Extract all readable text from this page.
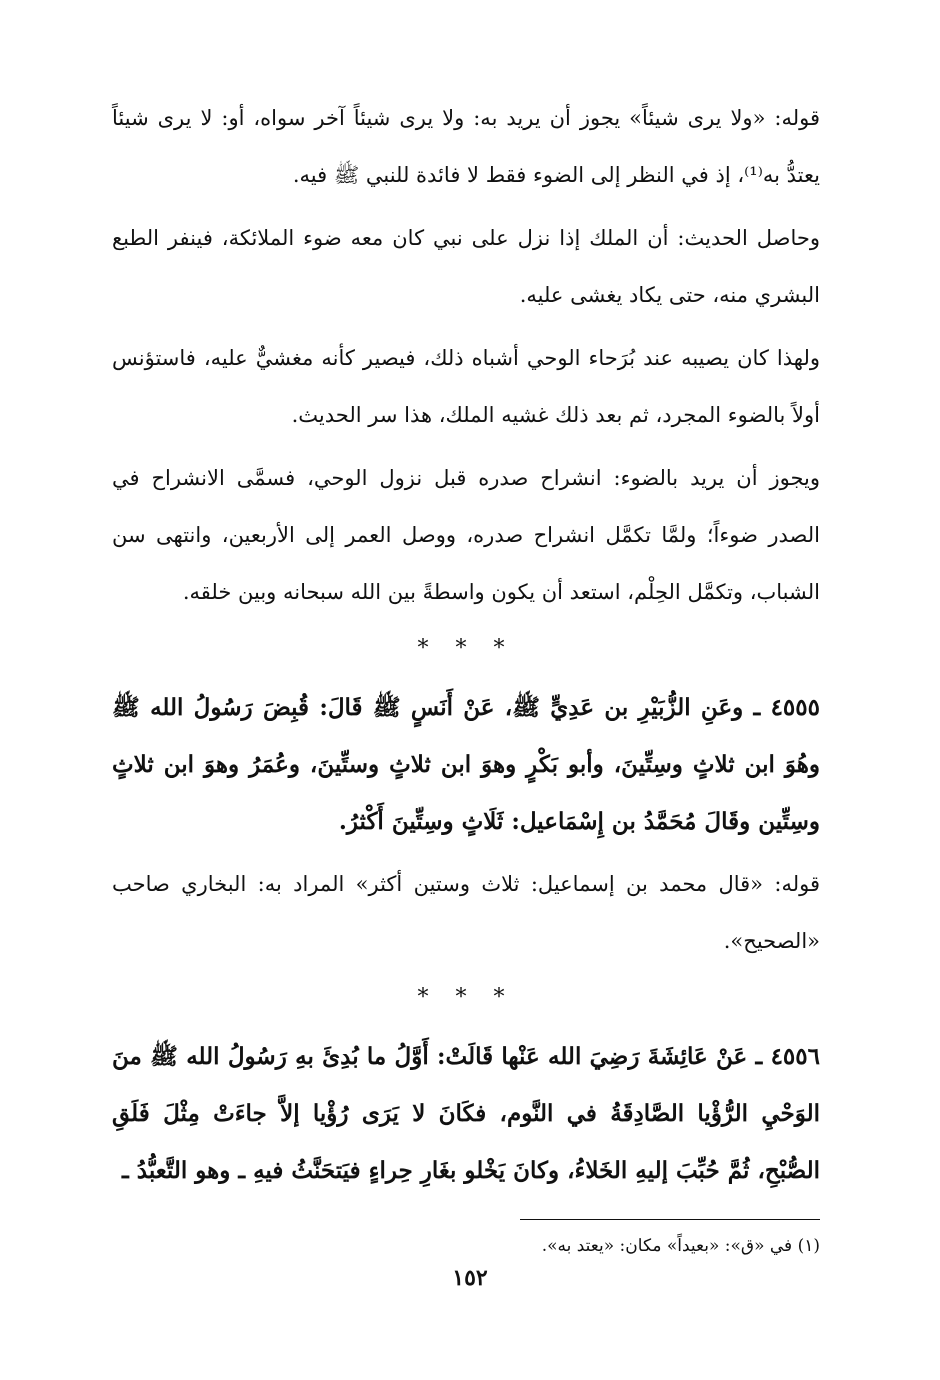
قوله: «ولا يرى شيئاً» يجوز أن يريد به: ولا يرى شيئاً آخر سواه، أو: لا يرى شيئاً يعتدُّ به⁽¹⁾، إذ في النظر إلى الضوء فقط لا فائدة للنبي ﷺ فيه.

وحاصل الحديث: أن الملك إذا نزل على نبي كان معه ضوء الملائكة، فينفر الطبع البشري منه، حتى يكاد يغشى عليه.

ولهذا كان يصيبه عند بُرَحاء الوحي أشباه ذلك، فيصير كأنه مغشيٌّ عليه، فاستؤنس أولاً بالضوء المجرد، ثم بعد ذلك غشيه الملك، هذا سر الحديث.

ويجوز أن يريد بالضوء: انشراح صدره قبل نزول الوحي، فسمَّى الانشراح في الصدر ضوءاً؛ ولمَّا تكمَّل انشراح صدره، ووصل العمر إلى الأربعين، وانتهى سن الشباب، وتكمَّل الحِلْم، استعد أن يكون واسطةً بين الله سبحانه وبين خلقه.

* * *

٤٥٥٥ ـ وعَنِ الزُّبَيْرِ بن عَدِيٍّ ﷺ، عَنْ أَنَسٍ ﷺ قَالَ: قُبِضَ رَسُولُ الله ﷺ وهُوَ ابن ثلاثٍ وسِتِّينَ، وأبو بَكْرٍ وهوَ ابن ثلاثٍ وستِّينَ، وعُمَرُ وهوَ ابن ثلاثٍ وسِتِّين وقَالَ مُحَمَّدُ بن إِسْمَاعيل: ثَلَاثٍ وسِتِّينَ أَكْثرُ.

قوله: «قال محمد بن إسماعيل: ثلاث وستين أكثر» المراد به: البخاري صاحب «الصحيح».

* * *

٤٥٥٦ ـ عَنْ عَائِشَةَ رَضِيَ الله عَنْها قَالَتْ: أَوَّلُ ما بُدِئَ بهِ رَسُولُ الله ﷺ منَ الوَحْيِ الرُّؤْيا الصَّادِقَةُ في النَّوم، فكَانَ لا يَرَى رُؤْيا إلاَّ جاءَتْ مِثْلَ فَلَقِ الصُّبْحِ، ثُمَّ حُبِّبَ إليهِ الخَلاءُ، وكانَ يَخْلو بغَارِ حِراءٍ فيَتحَنَّثُ فيهِ ـ وهو التَّعبُّدُ ـ

(١) في «ق»: «بعيداً» مكان: «يعتد به».
١٥٢
